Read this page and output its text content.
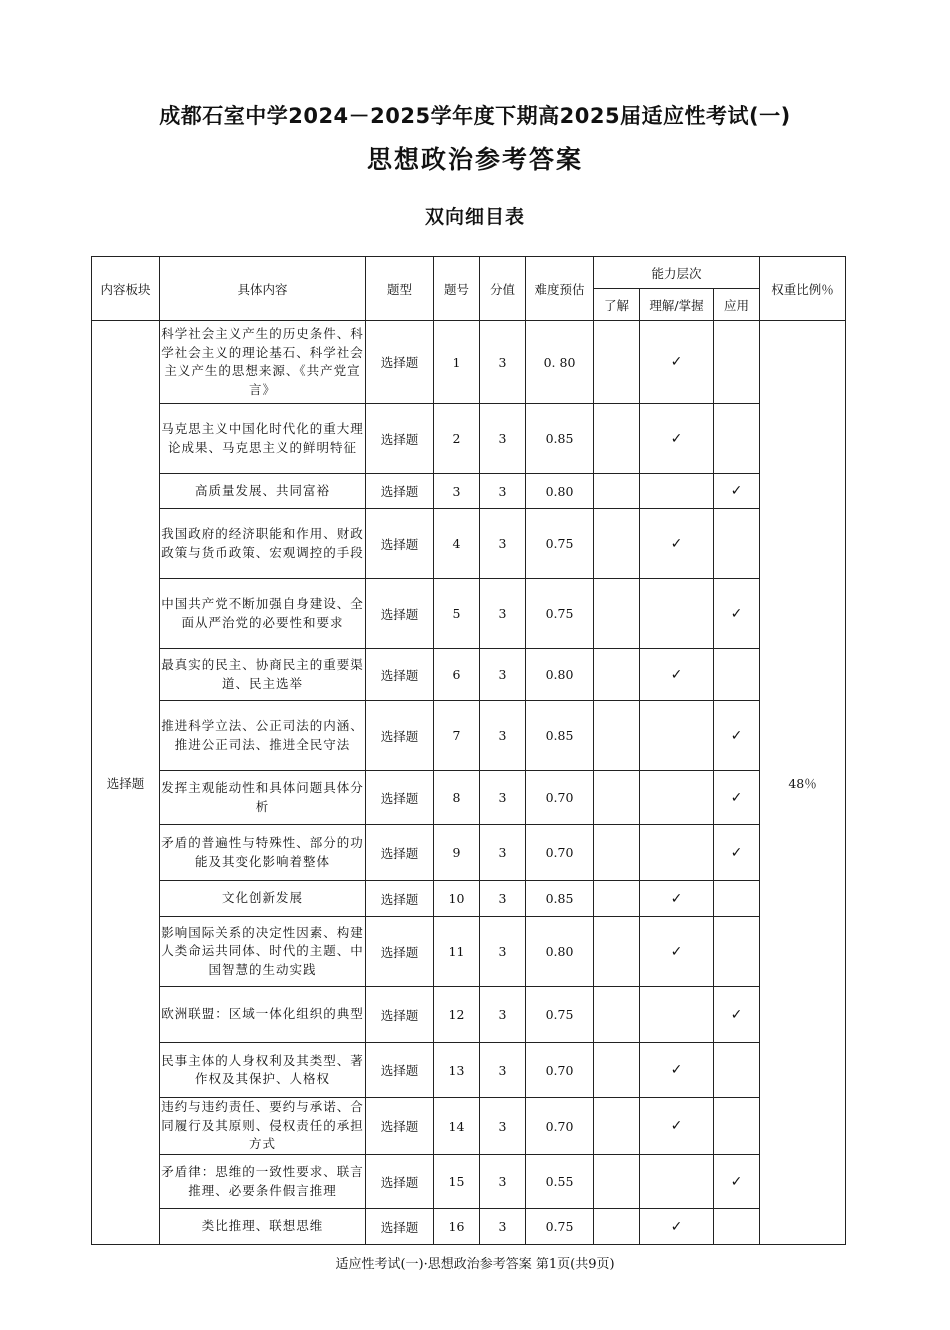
成都石室中学2024－2025学年度下期高2025届适应性考试(一)
思想政治参考答案
双向细目表
内容板块	具体内容	题型	题号	分值	难度预估	能力层次			权重比例％
						了解	理解/掌握	应用	
选择题	科学社会主义产生的历史条件、科学社会主义的理论基石、科学社会主义产生的思想来源、《共产党宣言》	选择题	1	3	0. 80		✓		48％
	马克思主义中国化时代化的重大理论成果、马克思主义的鲜明特征	选择题	2	3	0.85		✓		
	高质量发展、共同富裕	选择题	3	3	0.80			✓	
	我国政府的经济职能和作用、财政政策与货币政策、宏观调控的手段	选择题	4	3	0.75		✓		
	中国共产党不断加强自身建设、全面从严治党的必要性和要求	选择题	5	3	0.75			✓	
	最真实的民主、协商民主的重要渠道、民主选举	选择题	6	3	0.80		✓		
	推进科学立法、公正司法的内涵、推进公正司法、推进全民守法	选择题	7	3	0.85			✓	
	发挥主观能动性和具体问题具体分析	选择题	8	3	0.70			✓	
	矛盾的普遍性与特殊性、部分的功能及其变化影响着整体	选择题	9	3	0.70			✓	
	文化创新发展	选择题	10	3	0.85		✓		
	影响国际关系的决定性因素、构建人类命运共同体、时代的主题、中国智慧的生动实践	选择题	11	3	0.80		✓		
	欧洲联盟：区域一体化组织的典型	选择题	12	3	0.75			✓	
	民事主体的人身权利及其类型、著作权及其保护、人格权	选择题	13	3	0.70		✓		
	违约与违约责任、要约与承诺、合同履行及其原则、侵权责任的承担方式	选择题	14	3	0.70		✓		
	矛盾律：思维的一致性要求、联言推理、必要条件假言推理	选择题	15	3	0.55			✓	
	类比推理、联想思维	选择题	16	3	0.75		✓		
适应性考试(一)·思想政治参考答案 第1页(共9页)
